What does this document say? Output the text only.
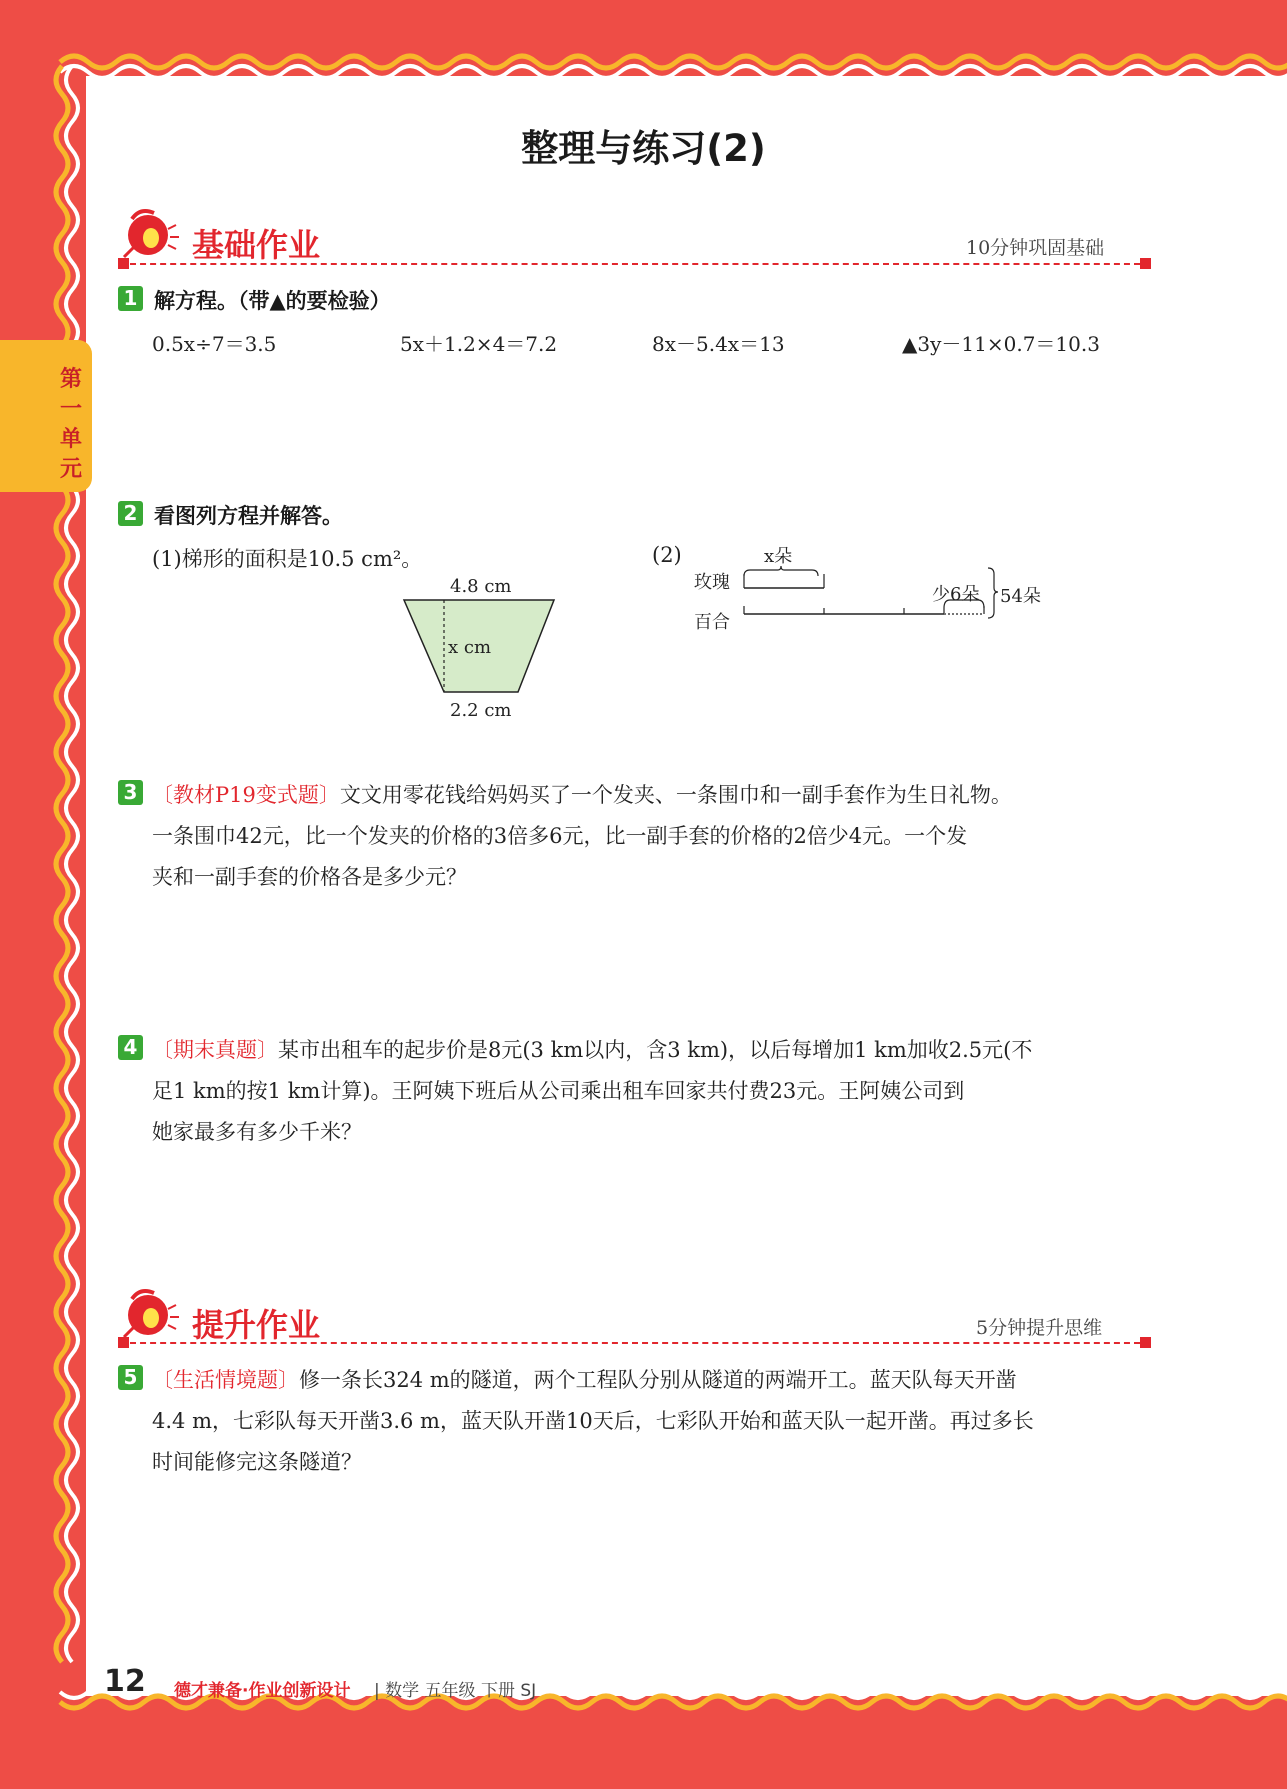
第
一
单
元
整理与练习(2)
基础作业	10分钟巩固基础
1 解方程。（带▲的要检验）
0.5x÷7＝3.5	5x＋1.2×4＝7.2	8x－5.4x＝13	▲3y－11×0.7＝10.3
2 看图列方程并解答。
(1)梯形的面积是10.5 cm²。
4.8 cm
x cm
2.2 cm
(2)	x朵
玫瑰
百合
少6朵 54朵
3 〔教材P19变式题〕文文用零花钱给妈妈买了一个发夹、一条围巾和一副手套作为生日礼物。
一条围巾42元，比一个发夹的价格的3倍多6元，比一副手套的价格的2倍少4元。一个发
夹和一副手套的价格各是多少元？
4 〔期末真题〕某市出租车的起步价是8元(3 km以内，含3 km)，以后每增加1 km加收2.5元(不
足1 km的按1 km计算)。王阿姨下班后从公司乘出租车回家共付费23元。王阿姨公司到
她家最多有多少千米？
提升作业	5分钟提升思维
5 〔生活情境题〕修一条长324 m的隧道，两个工程队分别从隧道的两端开工。蓝天队每天开凿
4.4 m，七彩队每天开凿3.6 m，蓝天队开凿10天后，七彩队开始和蓝天队一起开凿。再过多长
时间能修完这条隧道？
12 德才兼备·作业创新设计 | 数学 五年级 下册 SJ
